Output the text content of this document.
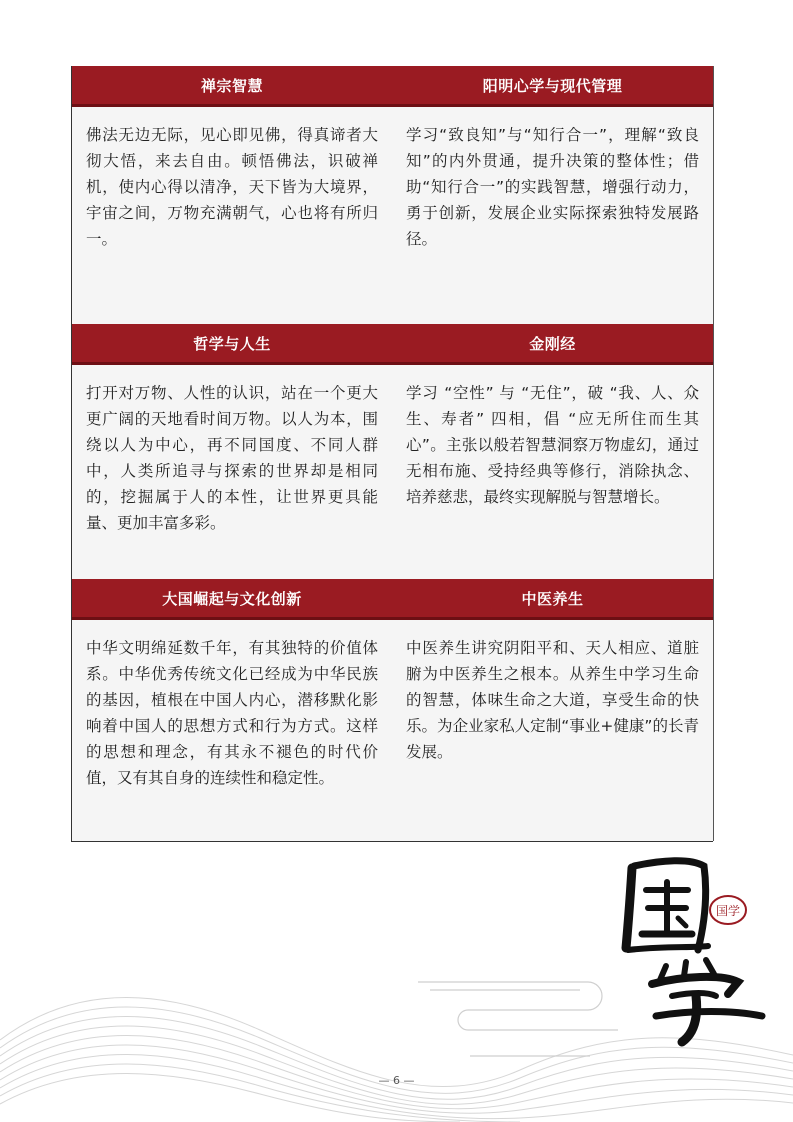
禅宗智慧
佛法无边无际，见心即见佛，得真谛者大彻大悟，来去自由。顿悟佛法，识破禅机，使内心得以清净，天下皆为大境界，宇宙之间，万物充满朝气，心也将有所归一。
阳明心学与现代管理
学习“致良知”与“知行合一”，理解“致良知”的内外贯通，提升决策的整体性；借助“知行合一”的实践智慧，增强行动力，勇于创新，发展企业实际探索独特发展路径。
哲学与人生
打开对万物、人性的认识，站在一个更大更广阔的天地看时间万物。以人为本，围绕以人为中心，再不同国度、不同人群中，人类所追寻与探索的世界却是相同的，挖掘属于人的本性，让世界更具能量、更加丰富多彩。
金刚经
学习 “空性” 与 “无住”，破 “我、人、众生、寿者” 四相，倡 “应无所住而生其心”。主张以般若智慧洞察万物虚幻，通过无相布施、受持经典等修行，消除执念、培养慈悲，最终实现解脱与智慧增长。
大国崛起与文化创新
中华文明绵延数千年，有其独特的价值体系。中华优秀传统文化已经成为中华民族的基因，植根在中国人内心，潜移默化影响着中国人的思想方式和行为方式。这样的思想和理念，有其永不褪色的时代价值，又有其自身的连续性和稳定性。
中医养生
中医养生讲究阴阳平和、天人相应、道脏腑为中医养生之根本。从养生中学习生命的智慧，体味生命之大道，享受生命的快乐。为企业家私人定制“事业+健康”的长青发展。
国学
— 6 —
